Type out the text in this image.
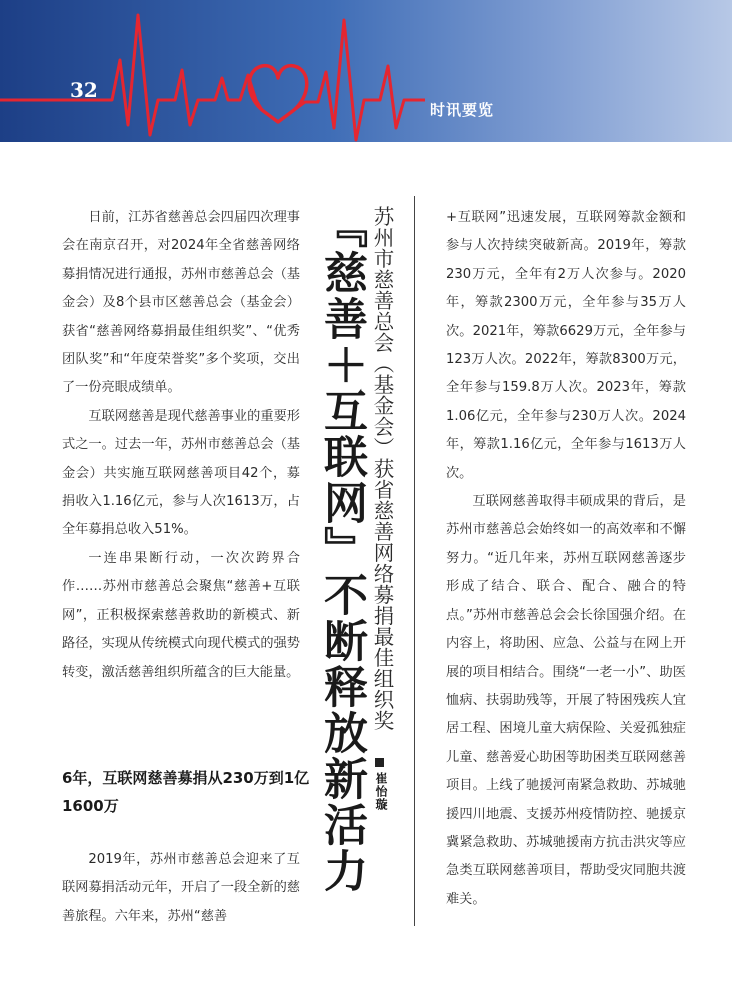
32
时讯要览

日前，江苏省慈善总会四届四次理事会在南京召开，对2024年全省慈善网络募捐情况进行通报，苏州市慈善总会（基金会）及8个县市区慈善总会（基金会）获省“慈善网络募捐最佳组织奖”、“优秀团队奖”和“年度荣誉奖”多个奖项，交出了一份亮眼成绩单。

互联网慈善是现代慈善事业的重要形式之一。过去一年，苏州市慈善总会（基金会）共实施互联网慈善项目42个，募捐收入1.16亿元，参与人次1613万，占全年募捐总收入51%。

一连串果断行动，一次次跨界合作……苏州市慈善总会聚焦“慈善+互联网”，正积极探索慈善救助的新模式、新路径，实现从传统模式向现代模式的强势转变，激活慈善组织所蕴含的巨大能量。

6年，互联网慈善募捐从230万到1亿1600万

2019年，苏州市慈善总会迎来了互联网募捐活动元年，开启了一段全新的慈善旅程。六年来，苏州“慈善

『慈善＋互联网』不断释放新活力 苏州市慈善总会（基金会）获省慈善网络募捐最佳组织奖
崔怡璇

+互联网”迅速发展，互联网筹款金额和参与人次持续突破新高。2019年，筹款230万元，全年有2万人次参与。2020年，筹款2300万元，全年参与35万人次。2021年，筹款6629万元，全年参与123万人次。2022年，筹款8300万元，全年参与159.8万人次。2023年，筹款1.06亿元，全年参与230万人次。2024年，筹款1.16亿元，全年参与1613万人次。

互联网慈善取得丰硕成果的背后，是苏州市慈善总会始终如一的高效率和不懈努力。“近几年来，苏州互联网慈善逐步形成了结合、联合、配合、融合的特点。”苏州市慈善总会会长徐国强介绍。在内容上，将助困、应急、公益与在网上开展的项目相结合。围绕“一老一小”、助医恤病、扶弱助残等，开展了特困残疾人宜居工程、困境儿童大病保险、关爱孤独症儿童、慈善爱心助困等助困类互联网慈善项目。上线了驰援河南紧急救助、苏城驰援四川地震、支援苏州疫情防控、驰援京冀紧急救助、苏城驰援南方抗击洪灾等应急类互联网慈善项目，帮助受灾同胞共渡难关。
